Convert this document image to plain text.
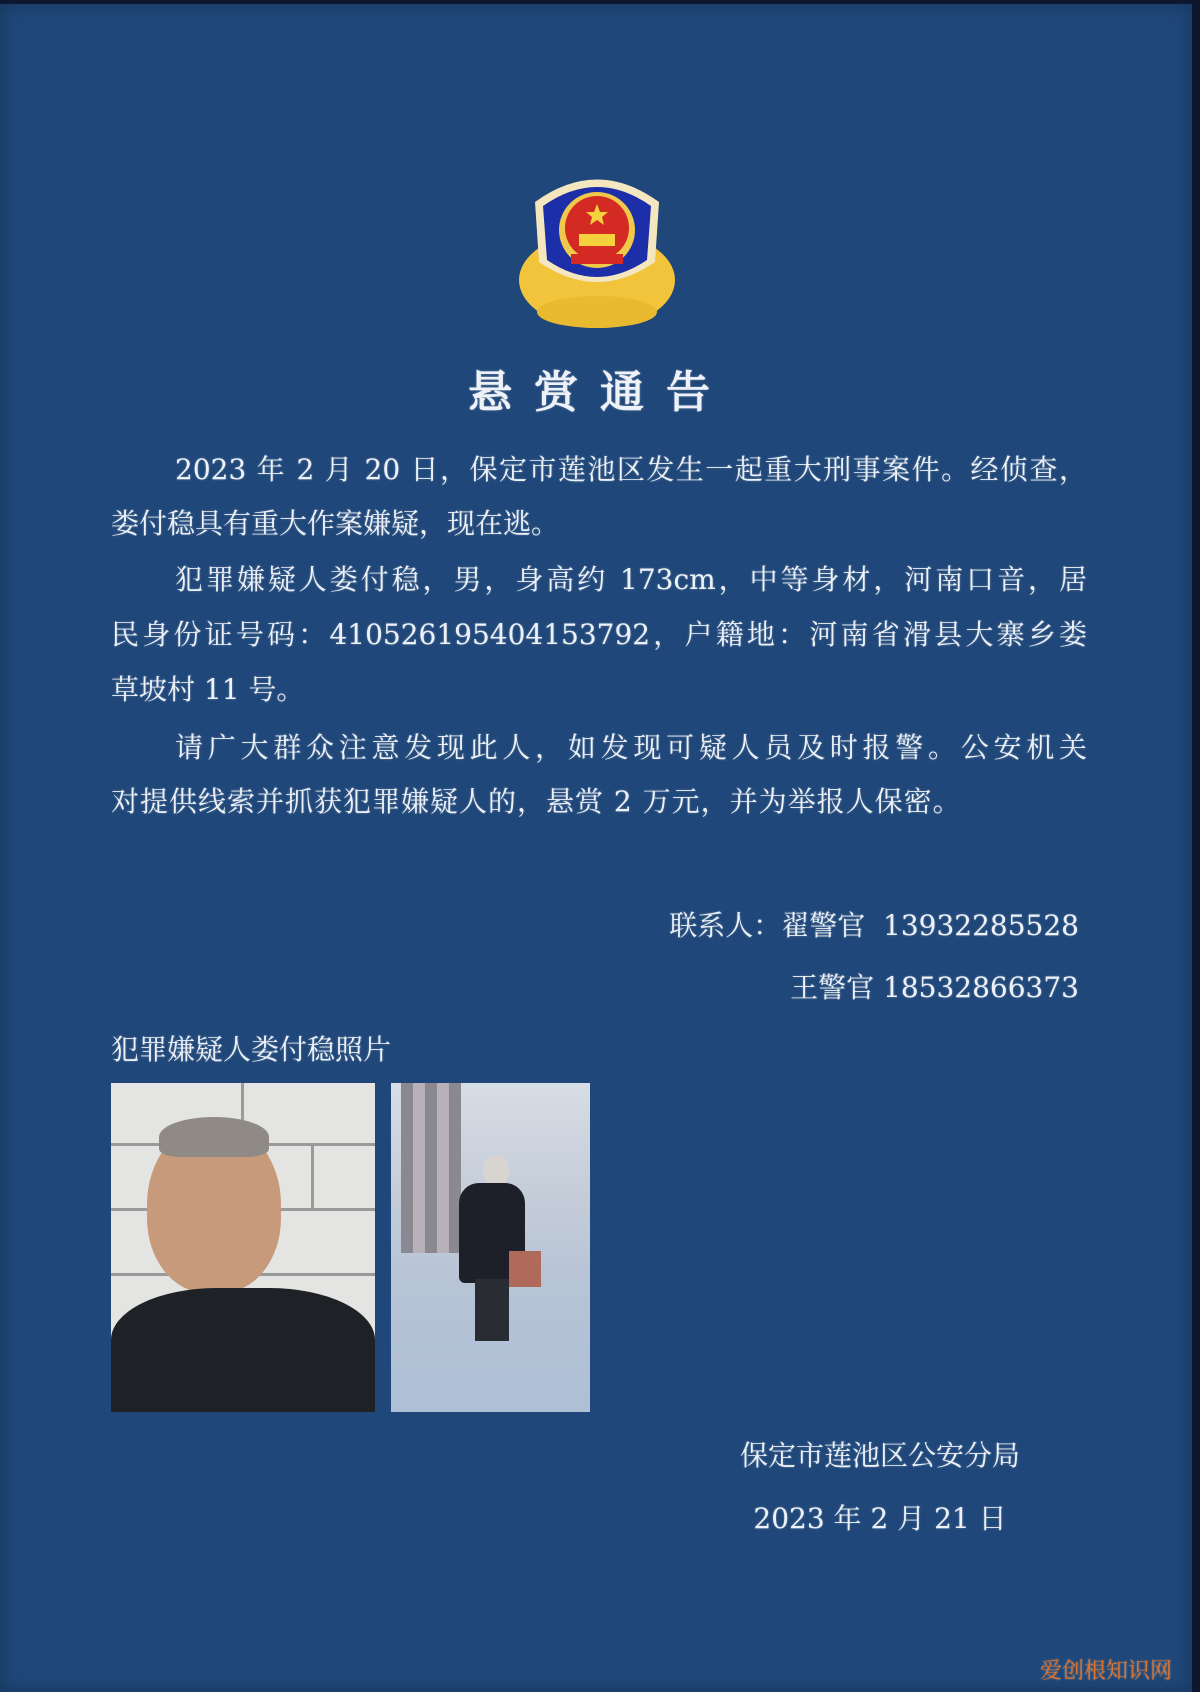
悬赏通告
2023 年 2 月 20 日，保定市莲池区发生一起重大刑事案件。经侦查，
娄付稳具有重大作案嫌疑，现在逃。
犯罪嫌疑人娄付稳，男，身高约 173cm，中等身材，河南口音，居
民身份证号码：410526195404153792，户籍地：河南省滑县大寨乡娄
草坡村 11 号。
请广大群众注意发现此人，如发现可疑人员及时报警。公安机关
对提供线索并抓获犯罪嫌疑人的，悬赏 2 万元，并为举报人保密。
联系人：翟警官 13932285528
王警官 18532866373
犯罪嫌疑人娄付稳照片
保定市莲池区公安分局
2023 年 2 月 21 日
爱创根知识网
